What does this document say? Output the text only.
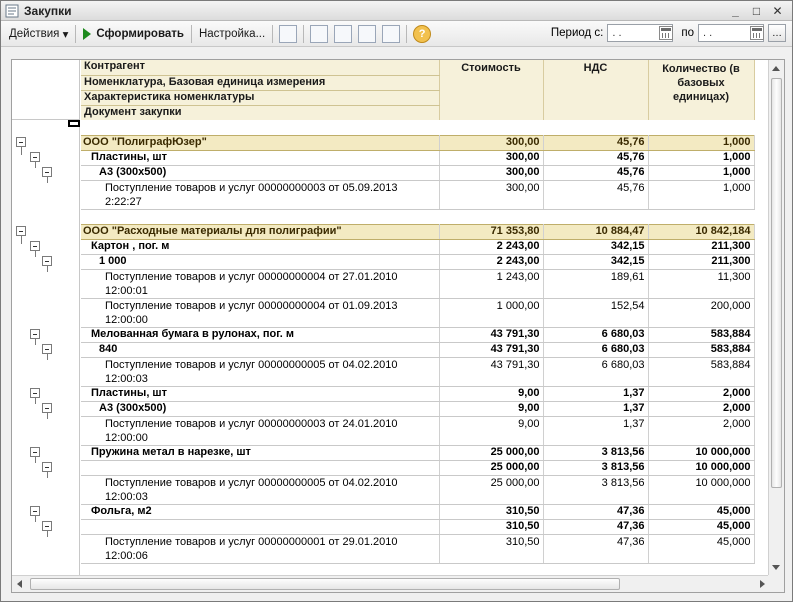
Закупки	_	□	✕
Действия ▾	Сформировать	Настройка...	?	Период с:
. .	по
. .	…
Контрагент	Стоимость	НДС	Количество (в
базовых
единицах)

Номенклатура, Базовая единица измерения			
Характеристика номенклатуры			
Документ закупки			

ООО "ПолиграфЮзер"	300,00	45,76	1,000
Пластины, шт	300,00	45,76	1,000
А3 (300х500)	300,00	45,76	1,000

Поступление товаров и услуг 00000000003 от 05.09.2013
2:22:27	300,00	45,76	1,000

ООО "Расходные материалы для полиграфии"	71 353,80	10 884,47	10 842,184
Картон , пог. м	2 243,00	342,15	211,300
1 000	2 243,00	342,15	211,300

Поступление товаров и услуг 00000000004 от 27.01.2010
12:00:01	1 243,00	189,61	11,300

Поступление товаров и услуг 00000000004 от 01.09.2013
12:00:00	1 000,00	152,54	200,000
Мелованная бумага в рулонах, пог. м	43 791,30	6 680,03	583,884
840	43 791,30	6 680,03	583,884

Поступление товаров и услуг 00000000005 от 04.02.2010
12:00:03	43 791,30	6 680,03	583,884
Пластины, шт	9,00	1,37	2,000
А3 (300х500)	9,00	1,37	2,000

Поступление товаров и услуг 00000000003 от 24.01.2010
12:00:00	9,00	1,37	2,000
Пружина метал в нарезке, шт	25 000,00	3 813,56	10 000,000
	25 000,00	3 813,56	10 000,000

Поступление товаров и услуг 00000000005 от 04.02.2010
12:00:03	25 000,00	3 813,56	10 000,000
Фольга, м2	310,50	47,36	45,000
	310,50	47,36	45,000

Поступление товаров и услуг 00000000001 от 29.01.2010
12:00:06	310,50	47,36	45,000
